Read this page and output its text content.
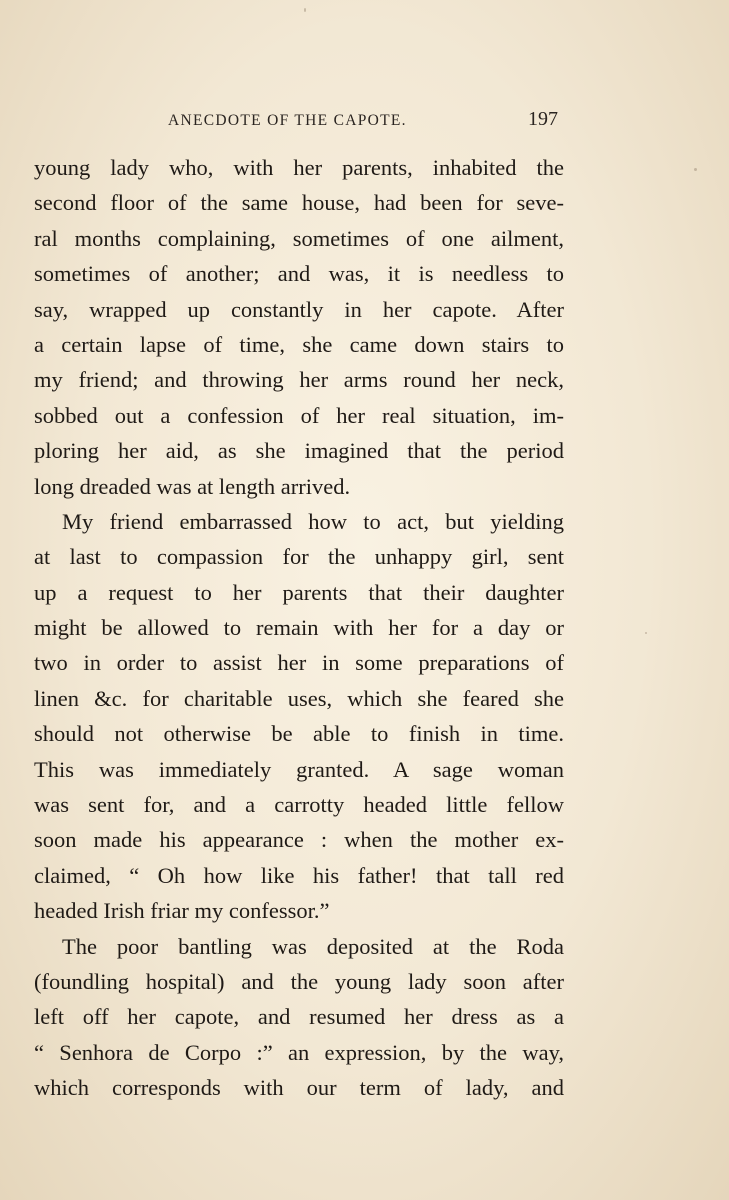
ANECDOTE OF THE CAPOTE.	197
young lady who, with her parents, inhabited the
second floor of the same house, had been for seve-
ral months complaining, sometimes of one ailment,
sometimes of another; and was, it is needless to
say, wrapped up constantly in her capote. After
a certain lapse of time, she came down stairs to
my friend; and throwing her arms round her neck,
sobbed out a confession of her real situation, im-
ploring her aid, as she imagined that the period
long dreaded was at length arrived.
My friend embarrassed how to act, but yielding
at last to compassion for the unhappy girl, sent
up a request to her parents that their daughter
might be allowed to remain with her for a day or
two in order to assist her in some preparations of
linen &c. for charitable uses, which she feared she
should not otherwise be able to finish in time.
This was immediately granted. A sage woman
was sent for, and a carrotty headed little fellow
soon made his appearance : when the mother ex-
claimed, “ Oh how like his father! that tall red
headed Irish friar my confessor.”
The poor bantling was deposited at the Roda
(foundling hospital) and the young lady soon after
left off her capote, and resumed her dress as a
“ Senhora de Corpo :” an expression, by the way,
which corresponds with our term of lady, and
